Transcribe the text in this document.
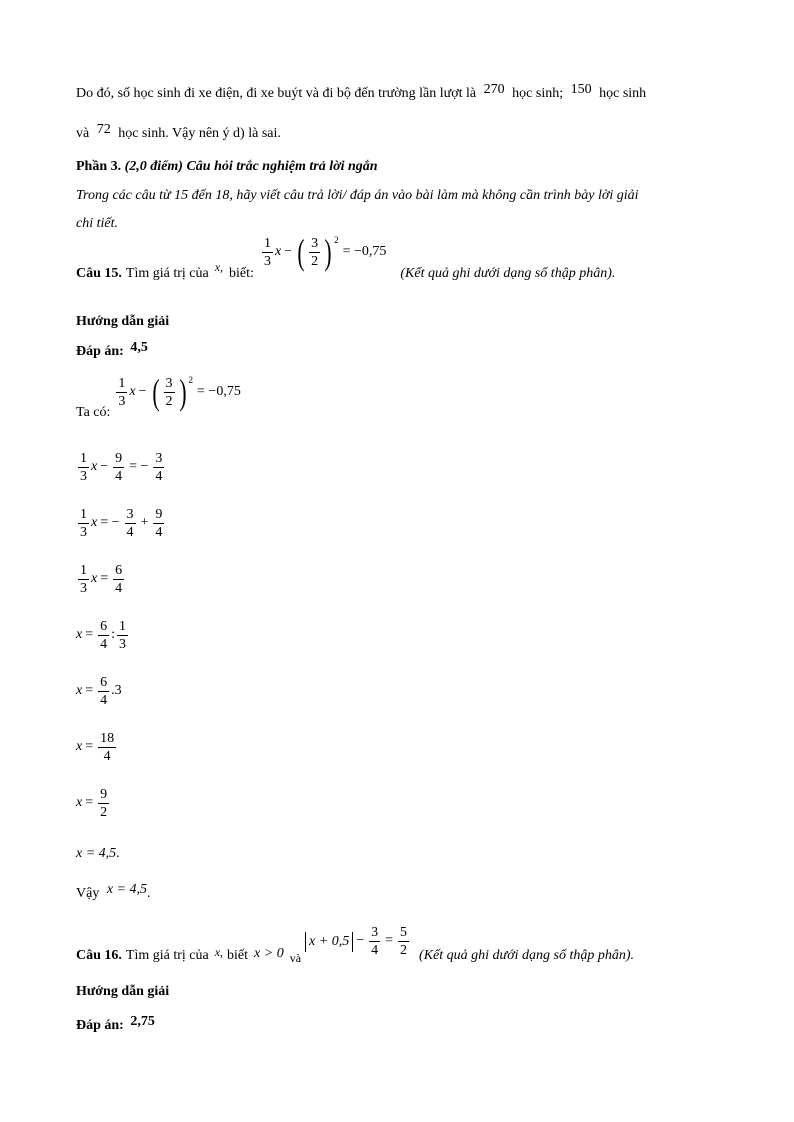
Do đó, số học sinh đi xe điện, đi xe buýt và đi bộ đến trường lần lượt là 270 học sinh; 150 học sinh
và 72 học sinh. Vậy nên ý d) là sai.
Phần 3. (2,0 điểm) Câu hỏi trắc nghiệm trả lời ngắn
Trong các câu từ 15 đến 18, hãy viết câu trả lời/ đáp án vào bài làm mà không cần trình bày lời giải
chi tiết.
Câu 15. Tìm giá trị của x, biết:
$\frac{1}{3}$ x − ( $\frac{3}{2}$ ) 2
= −0,75
(Kết quả ghi dưới dạng số thập phân).
Hướng dẫn giải
Đáp án: 4,5
Ta có:
$\frac{1}{3}$ x − ( $\frac{3}{2}$ ) 2
= −0,75
$\frac{1}{3}$ $x - \frac{9}{4}$ = − $\frac{3}{4}$
$\frac{1}{3}$ x = − $\frac{3}{4} + \frac{9}{4}$
$\frac{1}{3}$ $x = \frac{6}{4}$
$x = \frac{6}{4}$ : $\frac{1}{3}$
$x = \frac{6}{4} .3$
$x = \frac{18}{4}$
$x = \frac{9}{2}$
x = 4,5.
Vậy x = 4,5.
Câu 16. Tìm giá trị của x, biết x > 0 và
$x + 0,5 - \frac{3}{4} = \frac{5}{2}$ (Kết quả ghi dưới dạng số thập phân).
Hướng dẫn giải
Đáp án: 2,75
